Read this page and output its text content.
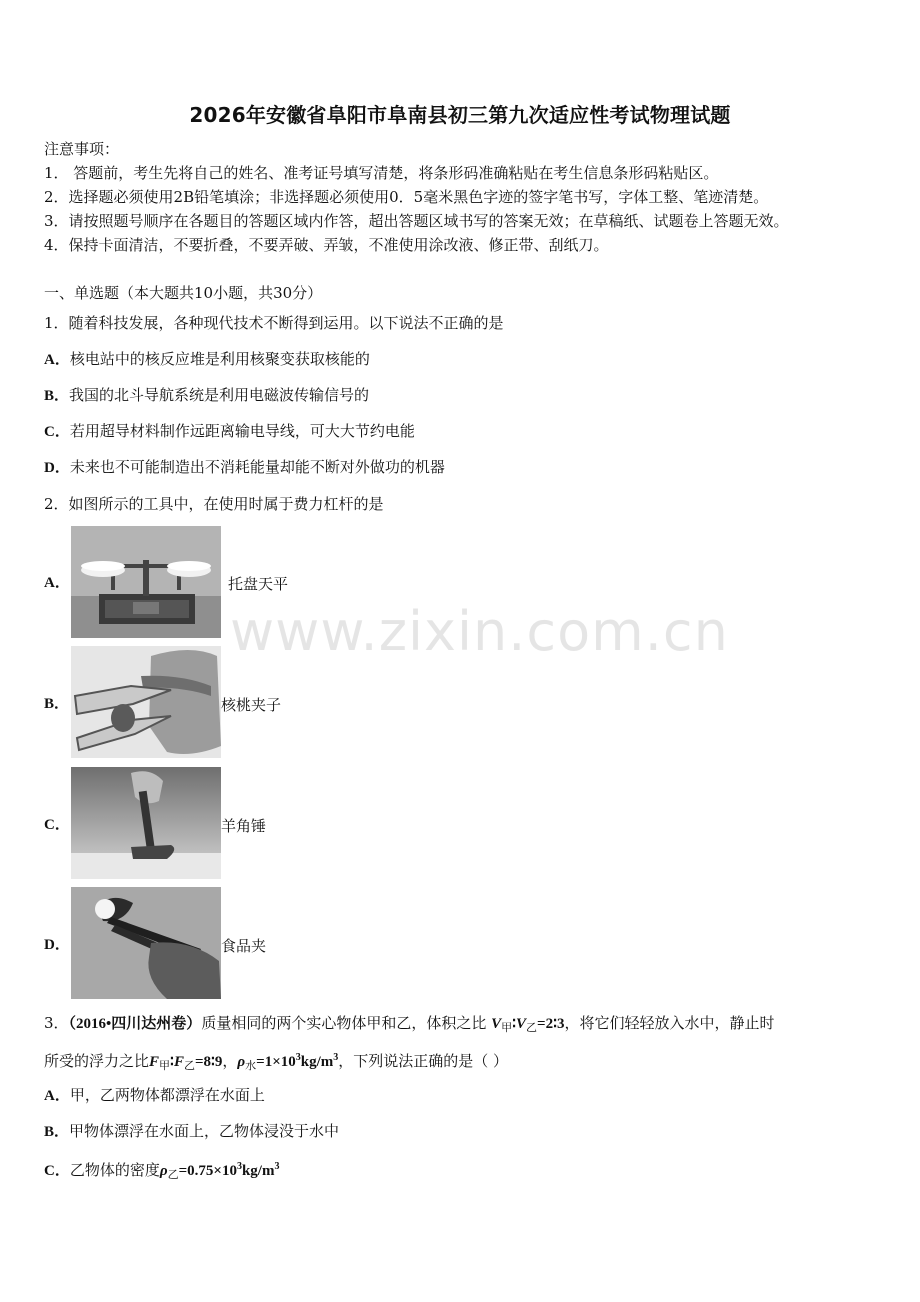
2026年安徽省阜阳市阜南县初三第九次适应性考试物理试题
注意事项：
1． 答题前，考生先将自己的姓名、准考证号填写清楚，将条形码准确粘贴在考生信息条形码粘贴区。
2．选择题必须使用2B铅笔填涂；非选择题必须使用0．5毫米黑色字迹的签字笔书写，字体工整、笔迹清楚。
3．请按照题号顺序在各题目的答题区域内作答，超出答题区域书写的答案无效；在草稿纸、试题卷上答题无效。
4．保持卡面清洁，不要折叠，不要弄破、弄皱，不准使用涂改液、修正带、刮纸刀。
一、单选题（本大题共10小题，共30分）
1．随着科技发展，各种现代技术不断得到运用。以下说法不正确的是
A．核电站中的核反应堆是利用核聚变获取核能的
B．我国的北斗导航系统是利用电磁波传输信号的
C．若用超导材料制作远距离输电导线，可大大节约电能
D．未来也不可能制造出不消耗能量却能不断对外做功的机器
2．如图所示的工具中，在使用时属于费力杠杆的是
A．	托盘天平
B．	核桃夹子
C．	羊角锤
D．	食品夹
www.zixin.com.cn
3．（2016•四川达州卷）质量相同的两个实心物体甲和乙，体积之比 $V_甲∶V_乙=2∶3$，将它们轻轻放入水中，静止时
所受的浮力之比$F_甲∶F_乙=8∶9$，$\rho_水=1\times 10^3kg/m^3$，下列说法正确的是（ ）
A．甲，乙两物体都漂浮在水面上
B．甲物体漂浮在水面上，乙物体浸没于水中
C．乙物体的密度$\rho_乙=0.75\times 10^3kg/m^3$
